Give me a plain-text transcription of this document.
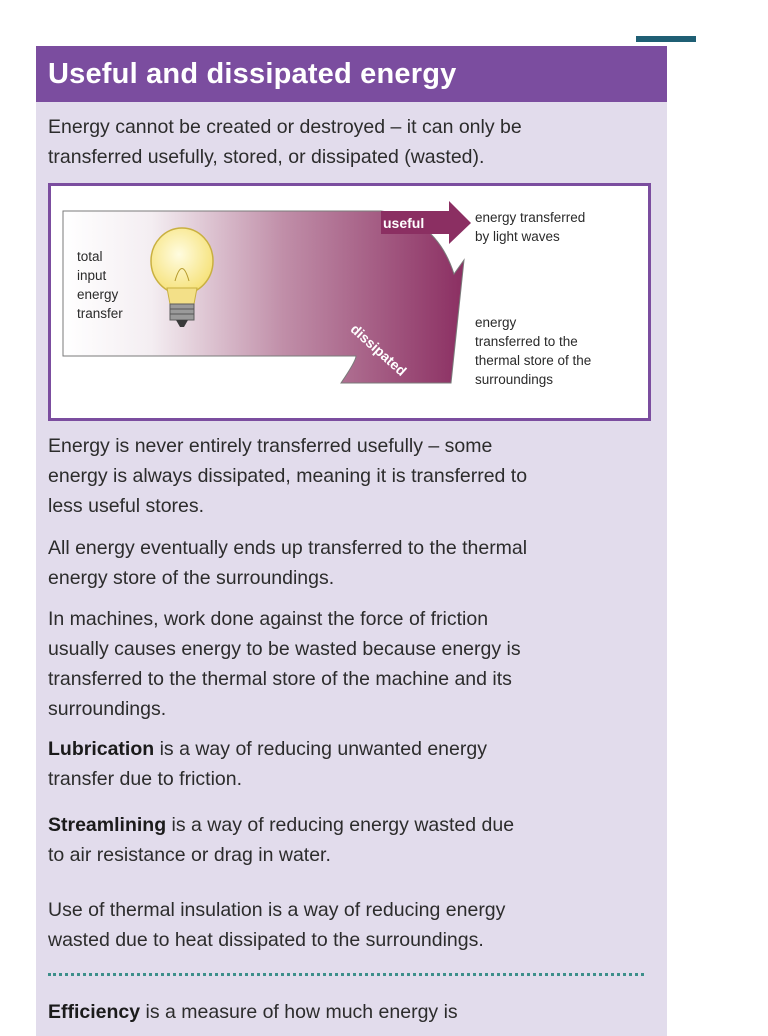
Useful and dissipated energy

Energy cannot be created or destroyed – it can only be
transferred usefully, stored, or dissipated (wasted).

total
input
energy
transfer
useful
dissipated
energy transferred
by light waves
energy
transferred to the
thermal store of the
surroundings

Energy is never entirely transferred usefully – some
energy is always dissipated, meaning it is transferred to
less useful stores.

All energy eventually ends up transferred to the thermal
energy store of the surroundings.

In machines, work done against the force of friction
usually causes energy to be wasted because energy is
transferred to the thermal store of the machine and its
surroundings.

Lubrication is a way of reducing unwanted energy
transfer due to friction.

Streamlining is a way of reducing energy wasted due
to air resistance or drag in water.

Use of thermal insulation is a way of reducing energy
wasted due to heat dissipated to the surroundings.

Efficiency is a measure of how much energy is
